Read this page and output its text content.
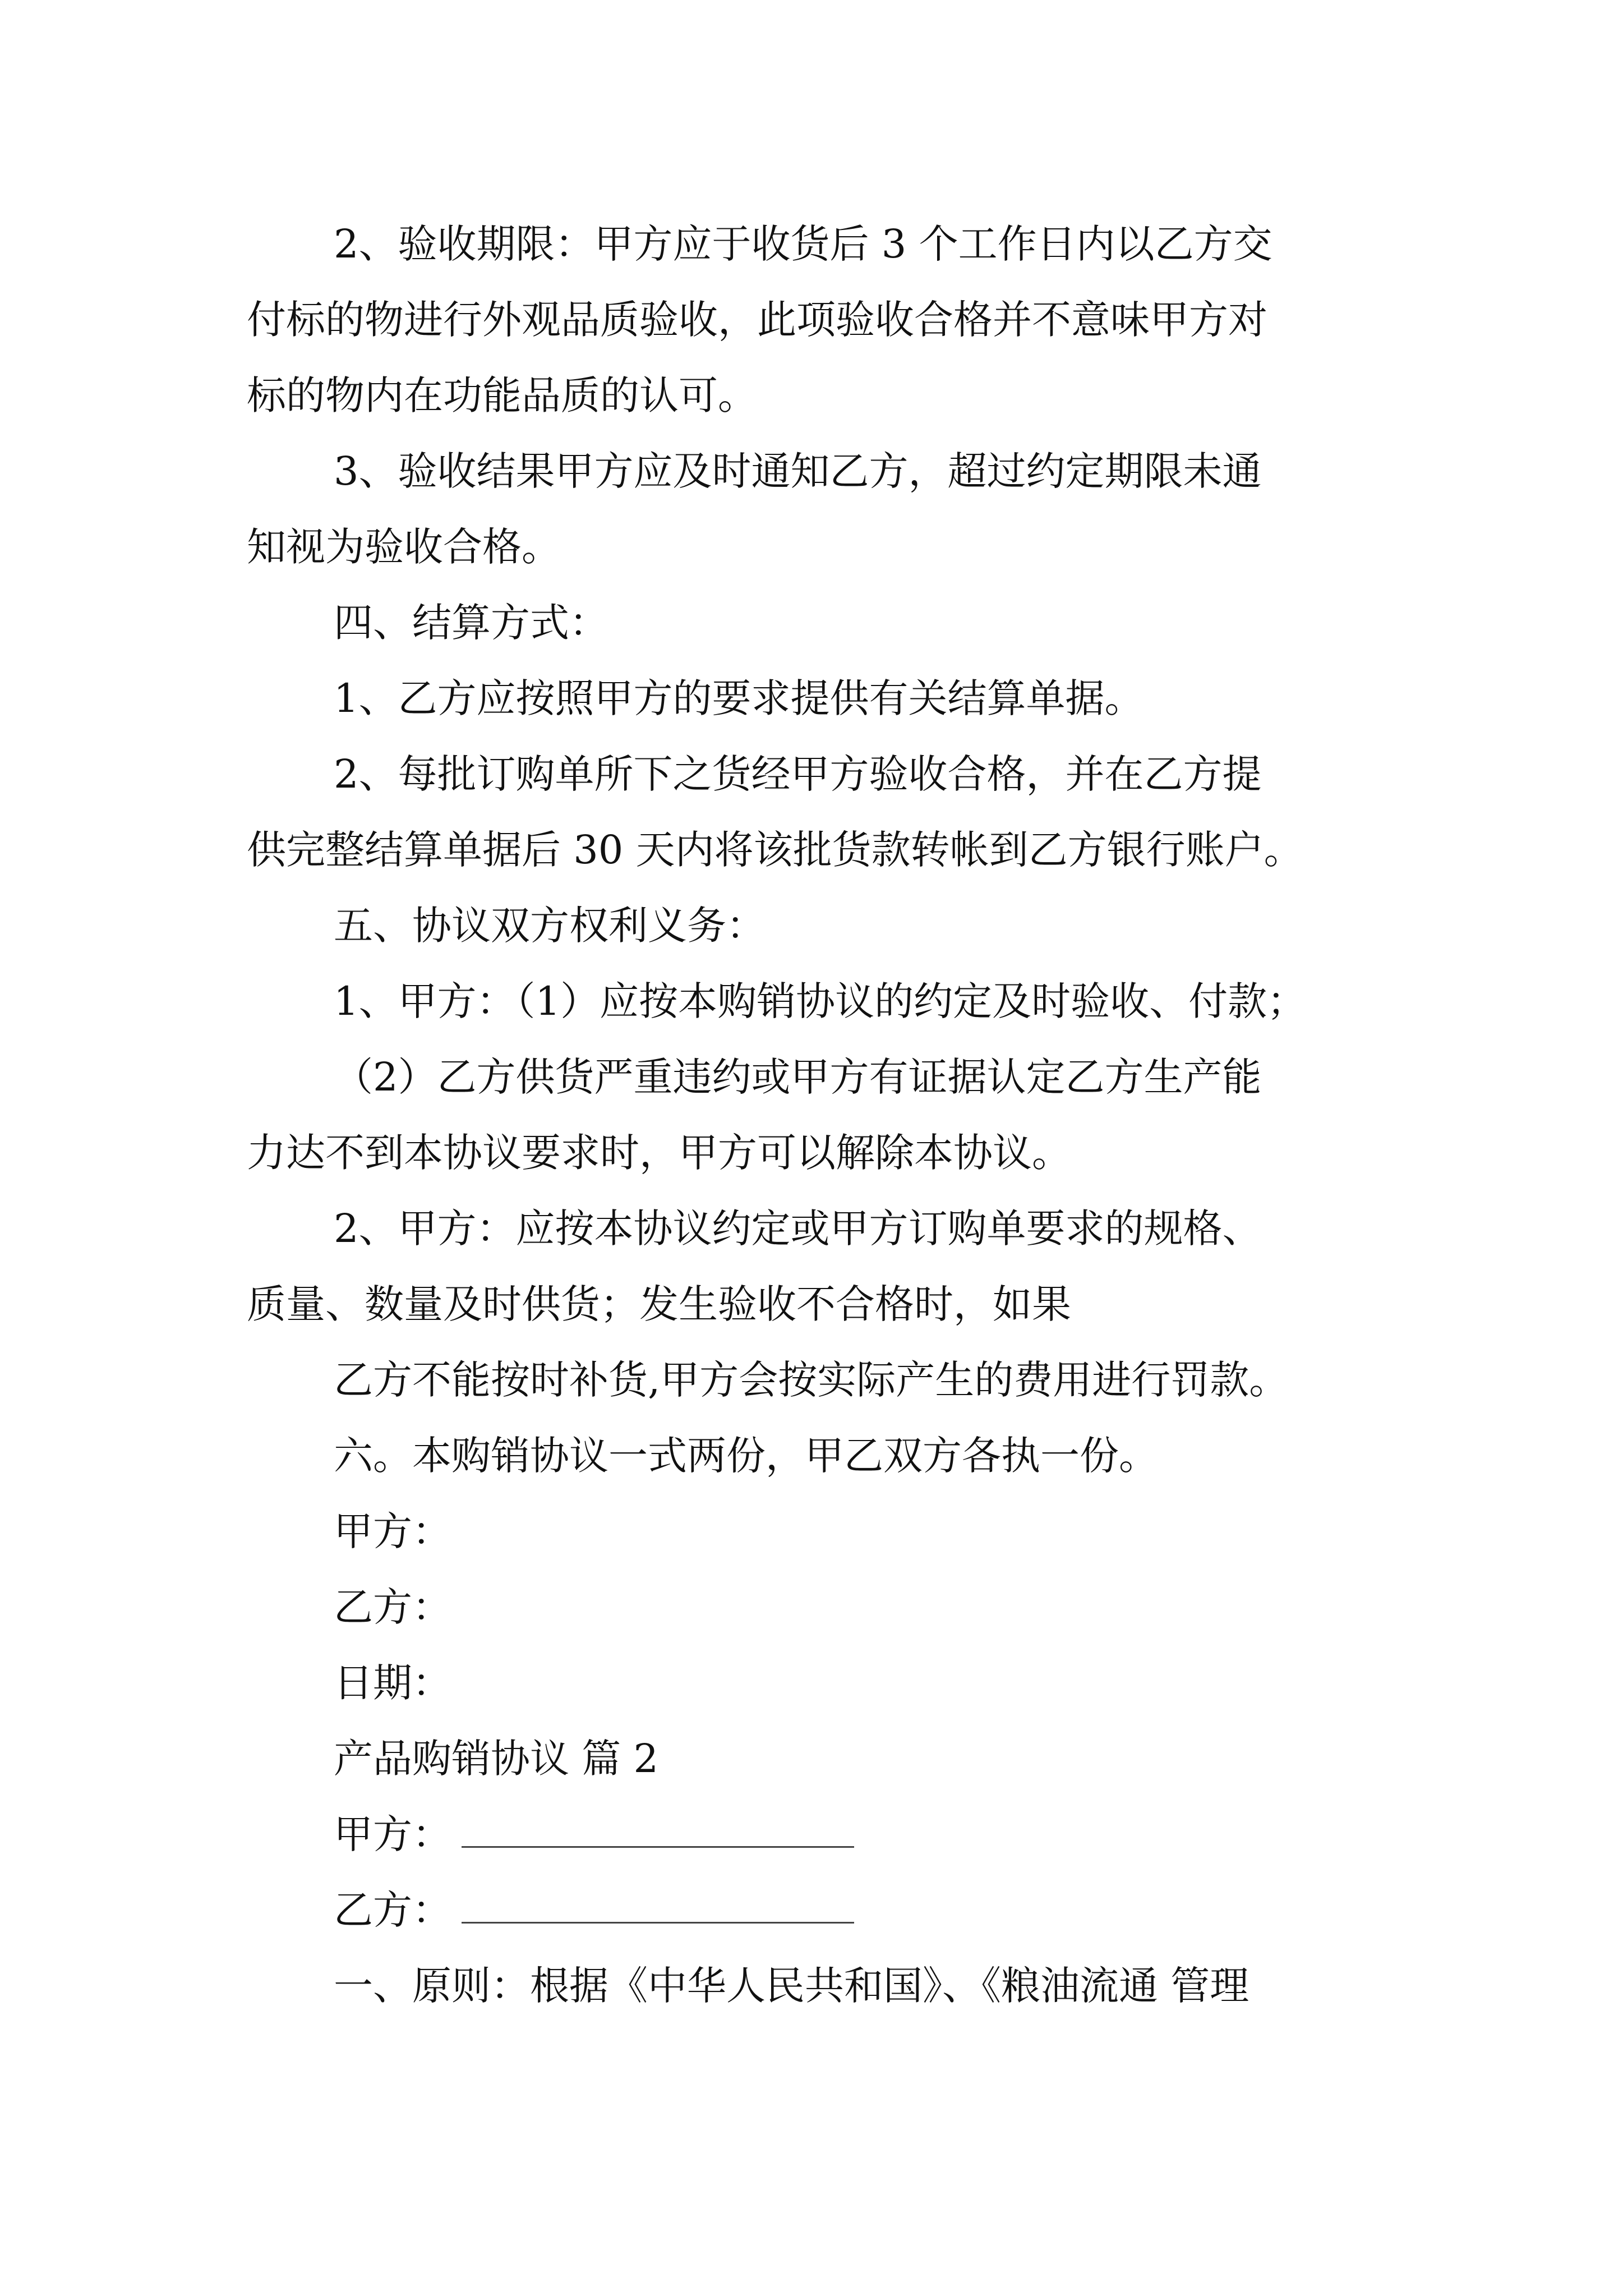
2、验收期限：甲方应于收货后 3 个工作日内以乙方交
付标的物进行外观品质验收，此项验收合格并不意味甲方对
标的物内在功能品质的认可。
3、验收结果甲方应及时通知乙方，超过约定期限未通
知视为验收合格。
四、结算方式：
1、乙方应按照甲方的要求提供有关结算单据。
2、每批订购单所下之货经甲方验收合格，并在乙方提
供完整结算单据后 30 天内将该批货款转帐到乙方银行账户。
五、协议双方权利义务：
1、甲方：（1）应按本购销协议的约定及时验收、付款；
（2）乙方供货严重违约或甲方有证据认定乙方生产能
力达不到本协议要求时，甲方可以解除本协议。
2、甲方：应按本协议约定或甲方订购单要求的规格、
质量、数量及时供货；发生验收不合格时，如果
乙方不能按时补货,甲方会按实际产生的费用进行罚款。
六。本购销协议一式两份，甲乙双方各执一份。
甲方：
乙方：
日期：
产品购销协议 篇 2
甲方：
乙方：
一、原则：根据《中华人民共和国》、《粮油流通 管理
